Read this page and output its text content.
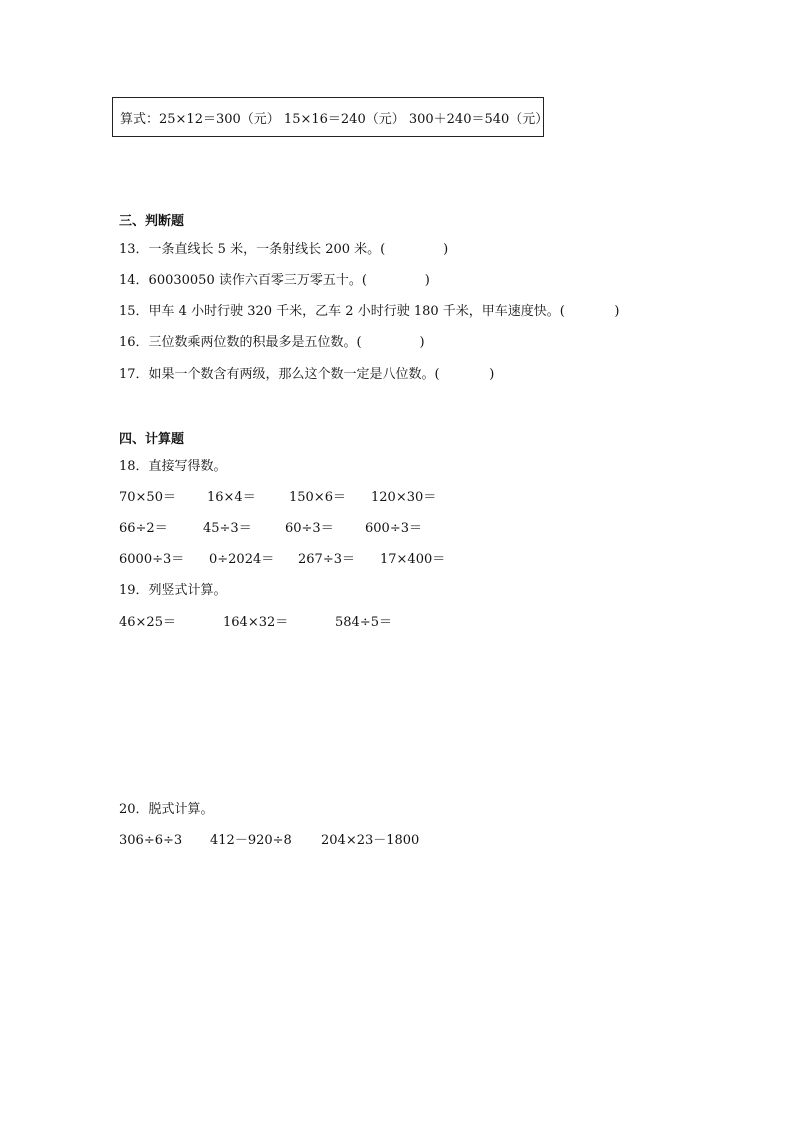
算式：25×12＝300（元） 15×16＝240（元） 300＋240＝540（元）
三、判断题
13．一条直线长 5 米，一条射线长 200 米。(              )
14．60030050 读作六百零三万零五十。(              )
15．甲车 4 小时行驶 320 千米，乙车 2 小时行驶 180 千米，甲车速度快。(            )
16．三位数乘两位数的积最多是五位数。(              )
17．如果一个数含有两级，那么这个数一定是八位数。(            )
四、计算题
18．直接写得数。
70×50＝ 16×4＝	150×6＝ 120×30＝
66÷2＝	45÷3＝	60÷3＝ 600÷3＝
6000÷3＝ 0÷2024＝ 267÷3＝ 17×400＝
19．列竖式计算。
46×25＝	164×32＝	584÷5＝
20．脱式计算。
306÷6÷3 412－920÷8 204×23－1800
